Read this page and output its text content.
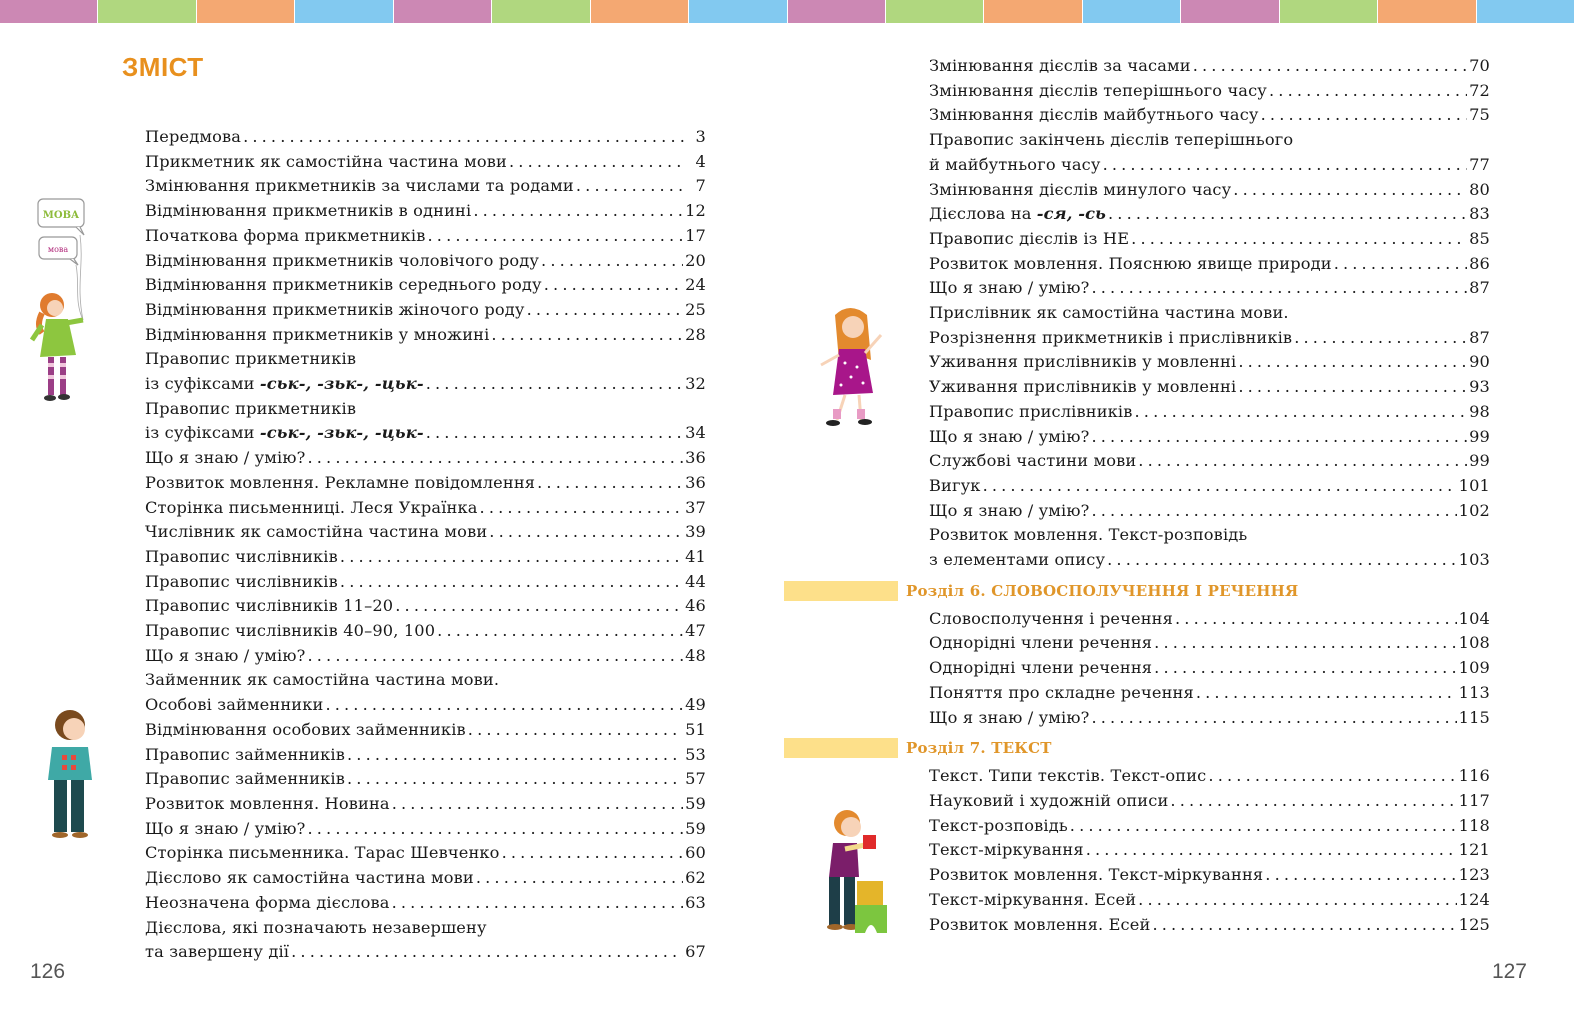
ЗМІСТ
МОВА
мова
Передмова . . .	3
Прикметник як самостійна частина мови . . .	4
Змінювання прикметників за числами та родами . . .	7
Відмінювання прикметників в однині . . .	12
Початкова форма прикметників . . .	17
Відмінювання прикметників чоловічого роду . . .	20
Відмінювання прикметників середнього роду . . .	24
Відмінювання прикметників жіночого роду . . .	25
Відмінювання прикметників у множині . . .	28
Правопис прикметників
із суфіксами -ськ-, -зьк-, -цьк- . . .	32
Правопис прикметників
із суфіксами -ськ-, -зьк-, -цьк- . . .	34
Що я знаю / умію? . . .	36
Розвиток мовлення. Рекламне повідомлення . . .	36
Сторінка письменниці. Леся Українка . . .	37
Числівник як самостійна частина мови . . .	39
Правопис числівників . . .	41
Правопис числівників . . .	44
Правопис числівників 11–20 . . .	46
Правопис числівників 40–90, 100 . . .	47
Що я знаю / умію? . . .	48
Займенник як самостійна частина мови.
Особові займенники . . .	49
Відмінювання особових займенників . . .	51
Правопис займенників . . .	53
Правопис займенників . . .	57
Розвиток мовлення. Новина . . .	59
Що я знаю / умію? . . .	59
Сторінка письменника. Тарас Шевченко . . .	60
Дієслово як самостійна частина мови . . .	62
Неозначена форма дієслова . . .	63
Дієслова, які позначають незавершену
та завершену дії . . .	67
126
Змінювання дієслів за часами . . .	70
Змінювання дієслів теперішнього часу . . .	72
Змінювання дієслів майбутнього часу . . .	75
Правопис закінчень дієслів теперішнього
й майбутнього часу . . .	77
Змінювання дієслів минулого часу . . .	80
Дієслова на -ся, -сь . . .	83
Правопис дієслів із НЕ . . .	85
Розвиток мовлення. Пояснюю явище природи . . .	86
Що я знаю / умію? . . .	87
Прислівник як самостійна частина мови.
Розрізнення прикметників і прислівників . . .	87
Уживання прислівників у мовленні . . .	90
Уживання прислівників у мовленні . . .	93
Правопис прислівників . . .	98
Що я знаю / умію? . . .	99
Службові частини мови . . .	99
Вигук . . .	101
Що я знаю / умію? . . .	102
Розвиток мовлення. Текст-розповідь
з елементами опису . . .	103
Розділ 6. СЛОВОСПОЛУЧЕННЯ І РЕЧЕННЯ
Словосполучення і речення . . .	104
Однорідні члени речення . . .	108
Однорідні члени речення . . .	109
Поняття про складне речення . . .	113
Що я знаю / умію? . . .	115
Розділ 7. ТЕКСТ
Текст. Типи текстів. Текст-опис . . .	116
Науковий і художній описи . . .	117
Текст-розповідь . . .	118
Текст-міркування . . .	121
Розвиток мовлення. Текст-міркування . . .	123
Текст-міркування. Есей . . .	124
Розвиток мовлення. Есей . . .	125
127
